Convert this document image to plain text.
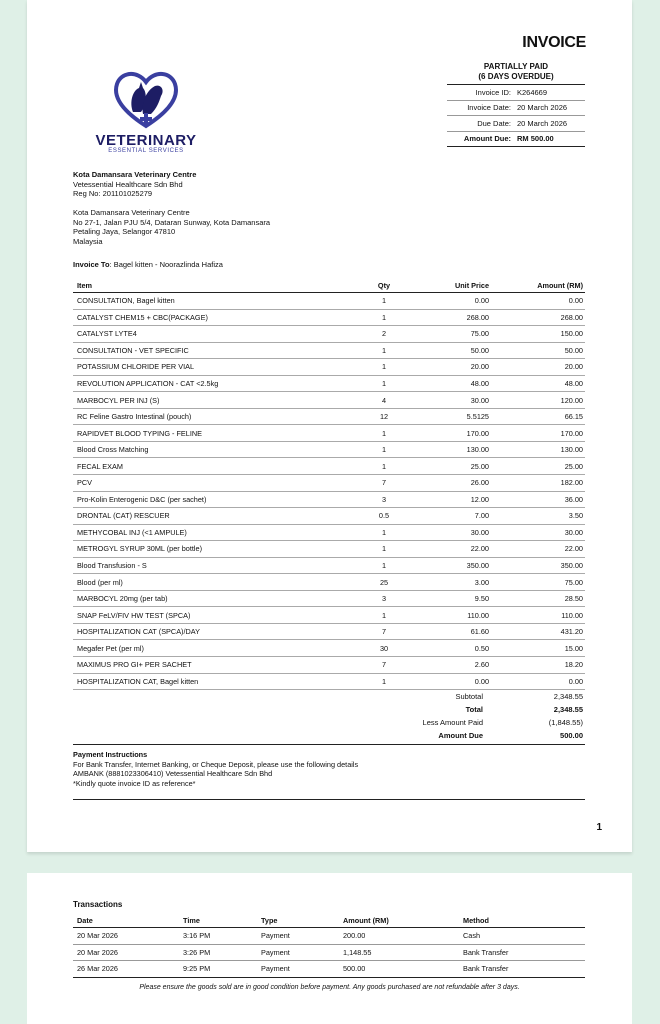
INVOICE
PARTIALLY PAID
(6 DAYS OVERDUE)
Invoice ID: K264669
Invoice Date: 20 March 2026
Due Date: 20 March 2026
Amount Due: RM 500.00
VETERINARY
ESSENTIAL SERVICES
Kota Damansara Veterinary Centre
Vetessential Healthcare Sdn Bhd
Reg No: 201101025279
Kota Damansara Veterinary Centre
No 27-1, Jalan PJU 5/4, Dataran Sunway, Kota Damansara
Petaling Jaya, Selangor 47810
Malaysia
Invoice To: Bagel kitten - Noorazlinda Hafiza
Item	Qty	Unit Price	Amount (RM)
CONSULTATION, Bagel kitten	1	0.00	0.00
CATALYST CHEM15 + CBC(PACKAGE)	1	268.00	268.00
CATALYST LYTE4	2	75.00	150.00
CONSULTATION - VET SPECIFIC	1	50.00	50.00
POTASSIUM CHLORIDE PER VIAL	1	20.00	20.00
REVOLUTION APPLICATION - CAT <2.5kg	1	48.00	48.00
MARBOCYL PER INJ (S)	4	30.00	120.00
RC Feline Gastro Intestinal (pouch)	12	5.5125	66.15
RAPIDVET BLOOD TYPING - FELINE	1	170.00	170.00
Blood Cross Matching	1	130.00	130.00
FECAL EXAM	1	25.00	25.00
PCV	7	26.00	182.00
Pro-Kolin Enterogenic D&C (per sachet)	3	12.00	36.00
DRONTAL (CAT) RESCUER	0.5	7.00	3.50
METHYCOBAL INJ (<1 AMPULE)	1	30.00	30.00
METROGYL SYRUP 30ML (per bottle)	1	22.00	22.00
Blood Transfusion - S	1	350.00	350.00
Blood (per ml)	25	3.00	75.00
MARBOCYL 20mg (per tab)	3	9.50	28.50
SNAP FeLV/FIV HW TEST (SPCA)	1	110.00	110.00
HOSPITALIZATION CAT (SPCA)/DAY	7	61.60	431.20
Megafer Pet (per ml)	30	0.50	15.00
MAXIMUS PRO GI+ PER SACHET	7	2.60	18.20
HOSPITALIZATION CAT, Bagel kitten	1	0.00	0.00
Subtotal	2,348.55
Total	2,348.55
Less Amount Paid	(1,848.55)
Amount Due	500.00
Payment Instructions
For Bank Transfer, Internet Banking, or Cheque Deposit, please use the following details
AMBANK (8881023306410) Vetessential Healthcare Sdn Bhd
*Kindly quote invoice ID as reference*
1
Transactions
Date	Time	Type	Amount (RM)	Method
20 Mar 2026	3:16 PM	Payment	200.00	Cash
20 Mar 2026	3:26 PM	Payment	1,148.55	Bank Transfer
26 Mar 2026	9:25 PM	Payment	500.00	Bank Transfer
Please ensure the goods sold are in good condition before payment. Any goods purchased are not refundable after 3 days.
